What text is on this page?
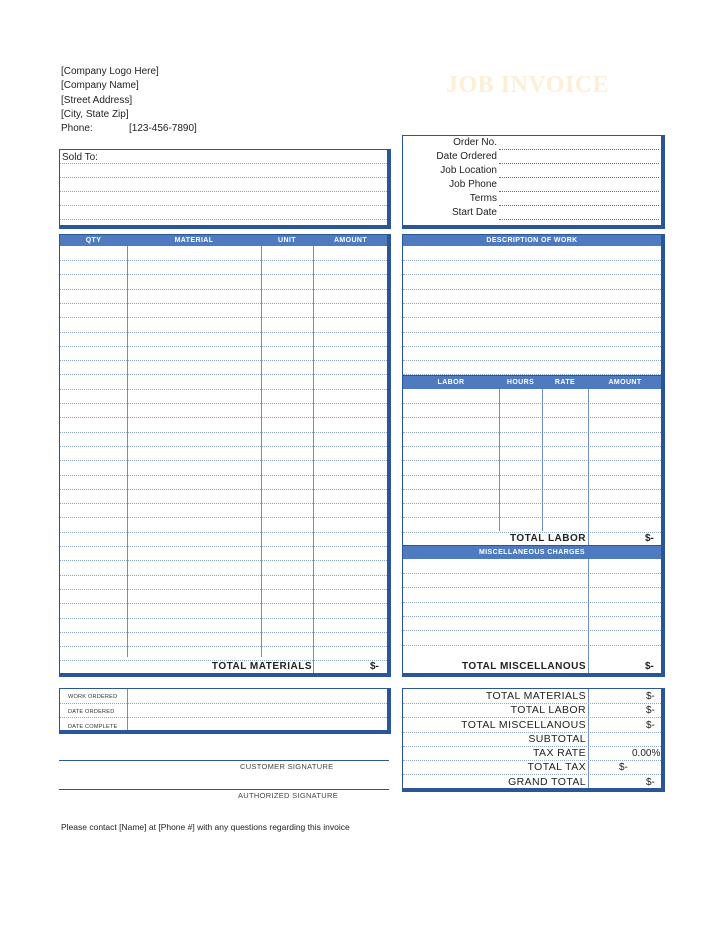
[Company Logo Here]
[Company Name]
[Street Address]
[City, State Zip]
Phone:	[123-456-7890]
JOB INVOICE
Sold To:
Order No.
Date Ordered
Job Location
Job Phone
Terms
Start Date
QTY	MATERIAL	UNIT	AMOUNT
TOTAL MATERIALS	$-
DESCRIPTION OF WORK
LABOR	HOURS	RATE	AMOUNT
TOTAL LABOR	$-
MISCELLANEOUS CHARGES
TOTAL MISCELLANOUS	$-
WORK ORDERED
DATE ORDERED
DATE COMPLETE
CUSTOMER SIGNATURE
AUTHORIZED SIGNATURE
TOTAL MATERIALS	$-
TOTAL LABOR	$-
TOTAL MISCELLANOUS	$-
SUBTOTAL
TAX RATE	0.00%
TOTAL TAX	$-
GRAND TOTAL	$-
Please contact [Name] at [Phone #] with any questions regarding this invoice
